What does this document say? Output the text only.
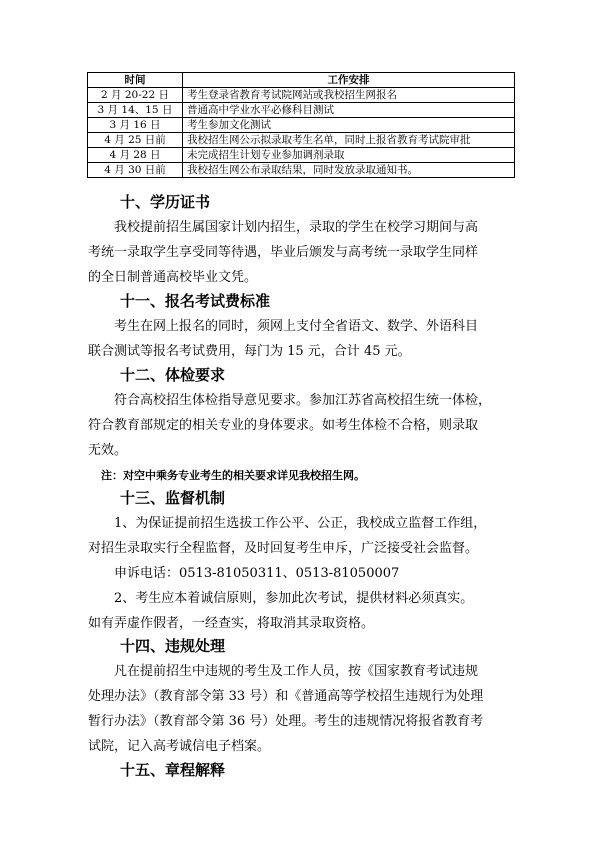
时间	工作安排
2 月 20-22 日	考生登录省教育考试院网站或我校招生网报名
3 月 14、15 日	普通高中学业水平必修科目测试
3 月 16 日	考生参加文化测试
4 月 25 日前	我校招生网公示拟录取考生名单，同时上报省教育考试院审批
4 月 28 日	未完成招生计划专业参加调剂录取
4 月 30 日前	我校招生网公布录取结果，同时发放录取通知书。
十、学历证书
我校提前招生属国家计划内招生，录取的学生在校学习期间与高
考统一录取学生享受同等待遇，毕业后颁发与高考统一录取学生同样
的全日制普通高校毕业文凭。
十一、报名考试费标准
考生在网上报名的同时，须网上支付全省语文、数学、外语科目
联合测试等报名考试费用，每门为 15 元，合计 45 元。
十二、体检要求
符合高校招生体检指导意见要求。参加江苏省高校招生统一体检，
符合教育部规定的相关专业的身体要求。如考生体检不合格，则录取
无效。
注：对空中乘务专业考生的相关要求详见我校招生网。
十三、监督机制
1、为保证提前招生选拔工作公平、公正，我校成立监督工作组，
对招生录取实行全程监督，及时回复考生申斥，广泛接受社会监督。
申诉电话：0513-81050311、0513-81050007
2、考生应本着诚信原则，参加此次考试，提供材料必须真实。
如有弄虚作假者，一经查实，将取消其录取资格。
十四、违规处理
凡在提前招生中违规的考生及工作人员，按《国家教育考试违规
处理办法》（教育部令第 33 号）和《普通高等学校招生违规行为处理
暂行办法》（教育部令第 36 号）处理。考生的违规情况将报省教育考
试院，记入高考诚信电子档案。
十五、章程解释
